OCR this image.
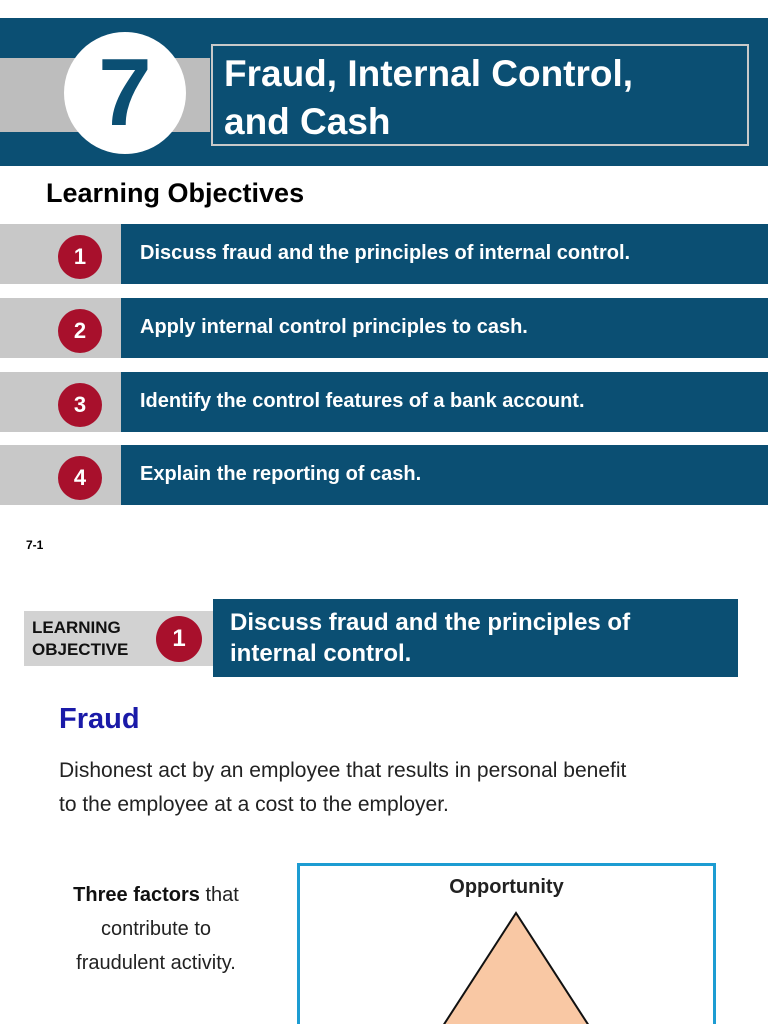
7	Fraud, Internal Control,
and Cash
Learning Objectives
1	Discuss fraud and the principles of internal control.
2	Apply internal control principles to cash.
3	Identify the control features of a bank account.
4	Explain the reporting of cash.
7-1
LEARNING
OBJECTIVE	1
Discuss fraud and the principles of
internal control.
Fraud
Dishonest act by an employee that results in personal benefit
to the employee at a cost to the employer.
Three factors that
contribute to
fraudulent activity.
Opportunity
